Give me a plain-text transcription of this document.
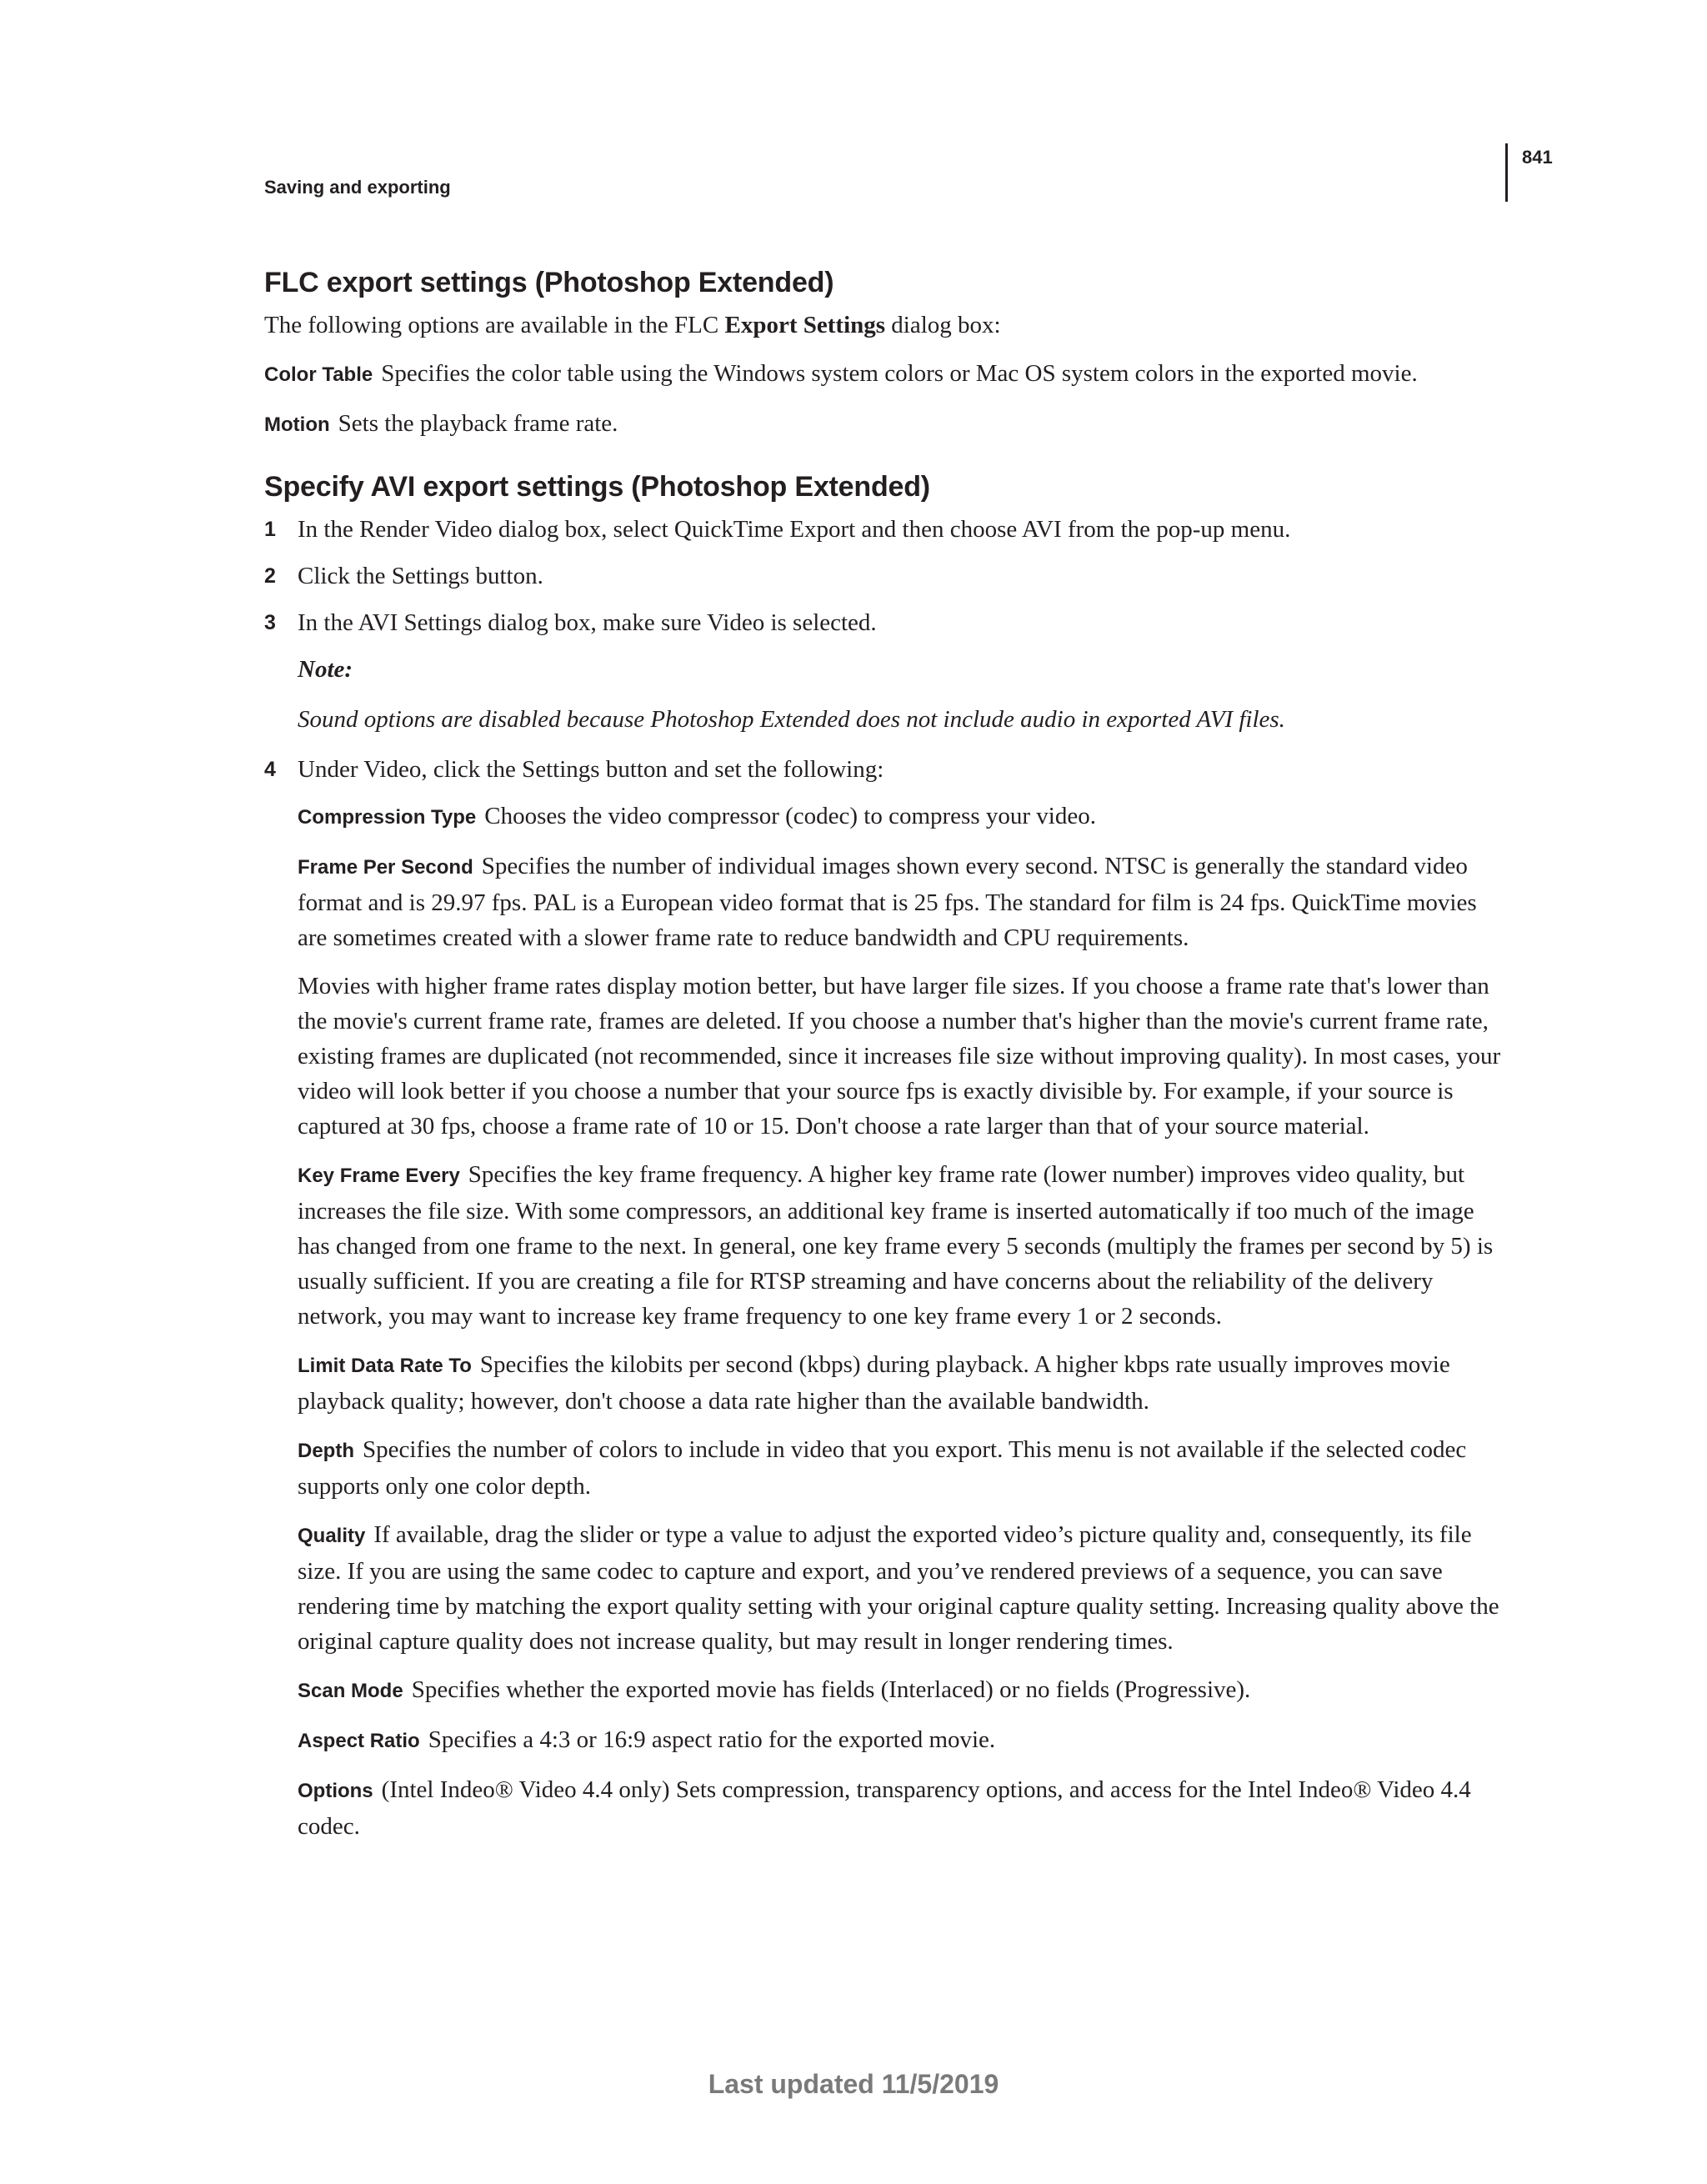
841
Saving and exporting
FLC export settings (Photoshop Extended)

The following options are available in the FLC Export Settings dialog box:

Color Table Specifies the color table using the Windows system colors or Mac OS system colors in the exported movie.

Motion Sets the playback frame rate.

Specify AVI export settings (Photoshop Extended)
1 In the Render Video dialog box, select QuickTime Export and then choose AVI from the pop-up menu.

2 Click the Settings button.

3 In the AVI Settings dialog box, make sure Video is selected.

Note:

Sound options are disabled because Photoshop Extended does not include audio in exported AVI files.

4 Under Video, click the Settings button and set the following:

Compression Type Chooses the video compressor (codec) to compress your video.

Frame Per Second Specifies the number of individual images shown every second. NTSC is generally the standard video format and is 29.97 fps. PAL is a European video format that is 25 fps. The standard for film is 24 fps. QuickTime movies are sometimes created with a slower frame rate to reduce bandwidth and CPU requirements.

Movies with higher frame rates display motion better, but have larger file sizes. If you choose a frame rate that's lower than the movie's current frame rate, frames are deleted. If you choose a number that's higher than the movie's current frame rate, existing frames are duplicated (not recommended, since it increases file size without improving quality). In most cases, your video will look better if you choose a number that your source fps is exactly divisible by. For example, if your source is captured at 30 fps, choose a frame rate of 10 or 15. Don't choose a rate larger than that of your source material.

Key Frame Every Specifies the key frame frequency. A higher key frame rate (lower number) improves video quality, but increases the file size. With some compressors, an additional key frame is inserted automatically if too much of the image has changed from one frame to the next. In general, one key frame every 5 seconds (multiply the frames per second by 5) is usually sufficient. If you are creating a file for RTSP streaming and have concerns about the reliability of the delivery network, you may want to increase key frame frequency to one key frame every 1 or 2 seconds.

Limit Data Rate To Specifies the kilobits per second (kbps) during playback. A higher kbps rate usually improves movie playback quality; however, don't choose a data rate higher than the available bandwidth.

Depth Specifies the number of colors to include in video that you export. This menu is not available if the selected codec supports only one color depth.

Quality If available, drag the slider or type a value to adjust the exported video’s picture quality and, consequently, its file size. If you are using the same codec to capture and export, and you’ve rendered previews of a sequence, you can save rendering time by matching the export quality setting with your original capture quality setting. Increasing quality above the original capture quality does not increase quality, but may result in longer rendering times.

Scan Mode Specifies whether the exported movie has fields (Interlaced) or no fields (Progressive).

Aspect Ratio Specifies a 4:3 or 16:9 aspect ratio for the exported movie.

Options (Intel Indeo® Video 4.4 only) Sets compression, transparency options, and access for the Intel Indeo® Video 4.4 codec.

Last updated 11/5/2019
